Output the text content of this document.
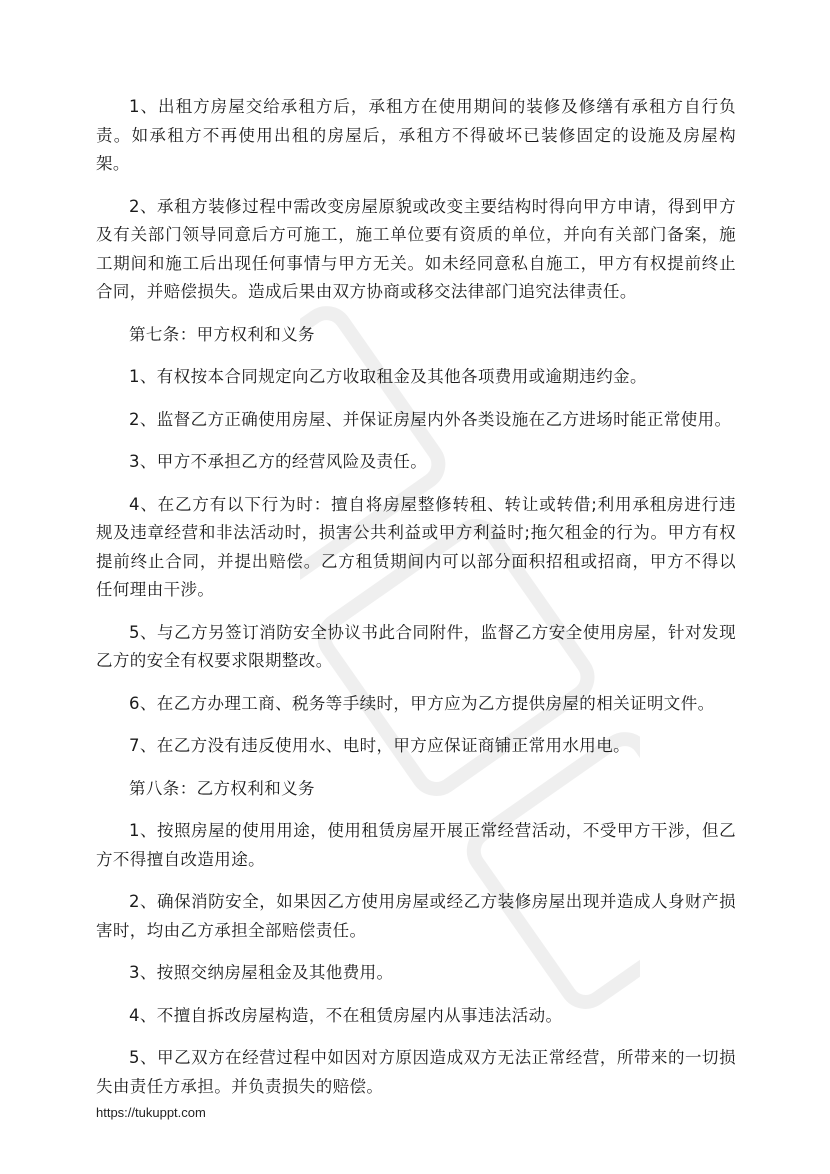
1、出租方房屋交给承租方后，承租方在使用期间的装修及修缮有承租方自行负责。如承租方不再使用出租的房屋后，承租方不得破坏已装修固定的设施及房屋构架。

2、承租方装修过程中需改变房屋原貌或改变主要结构时得向甲方申请，得到甲方及有关部门领导同意后方可施工，施工单位要有资质的单位，并向有关部门备案，施工期间和施工后出现任何事情与甲方无关。如未经同意私自施工，甲方有权提前终止合同，并赔偿损失。造成后果由双方协商或移交法律部门追究法律责任。

第七条：甲方权利和义务

1、有权按本合同规定向乙方收取租金及其他各项费用或逾期违约金。

2、监督乙方正确使用房屋、并保证房屋内外各类设施在乙方进场时能正常使用。

3、甲方不承担乙方的经营风险及责任。

4、在乙方有以下行为时：擅自将房屋整修转租、转让或转借;利用承租房进行违规及违章经营和非法活动时，损害公共利益或甲方利益时;拖欠租金的行为。甲方有权提前终止合同，并提出赔偿。乙方租赁期间内可以部分面积招租或招商，甲方不得以任何理由干涉。

5、与乙方另签订消防安全协议书此合同附件，监督乙方安全使用房屋，针对发现乙方的安全有权要求限期整改。

6、在乙方办理工商、税务等手续时，甲方应为乙方提供房屋的相关证明文件。

7、在乙方没有违反使用水、电时，甲方应保证商铺正常用水用电。

第八条：乙方权利和义务

1、按照房屋的使用用途，使用租赁房屋开展正常经营活动，不受甲方干涉，但乙方不得擅自改造用途。

2、确保消防安全，如果因乙方使用房屋或经乙方装修房屋出现并造成人身财产损害时，均由乙方承担全部赔偿责任。

3、按照交纳房屋租金及其他费用。

4、不擅自拆改房屋构造，不在租赁房屋内从事违法活动。

5、甲乙双方在经营过程中如因对方原因造成双方无法正常经营，所带来的一切损失由责任方承担。并负责损失的赔偿。

https://tukuppt.com
